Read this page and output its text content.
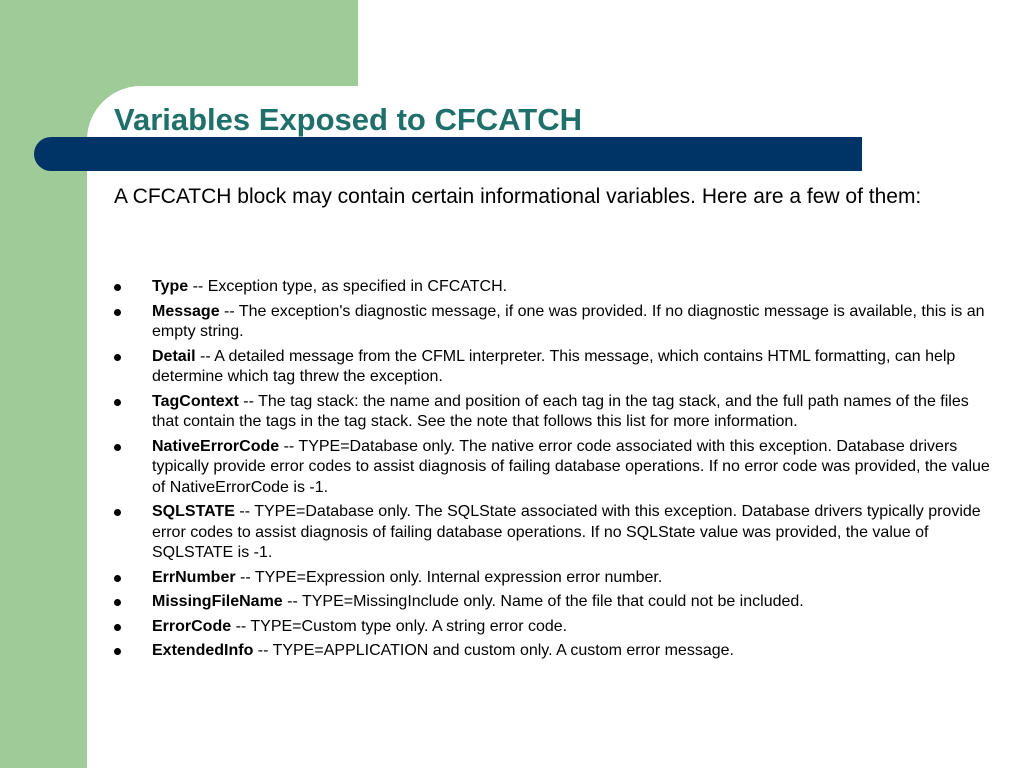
Variables Exposed to CFCATCH

A CFCATCH block may contain certain informational variables. Here are a few of them:

Type -- Exception type, as specified in CFCATCH.
Message -- The exception's diagnostic message, if one was provided. If no diagnostic message is available, this is an empty string.
Detail -- A detailed message from the CFML interpreter. This message, which contains HTML formatting, can help determine which tag threw the exception.
TagContext -- The tag stack: the name and position of each tag in the tag stack, and the full path names of the files that contain the tags in the tag stack. See the note that follows this list for more information.
NativeErrorCode -- TYPE=Database only. The native error code associated with this exception. Database drivers typically provide error codes to assist diagnosis of failing database operations. If no error code was provided, the value of NativeErrorCode is -1.
SQLSTATE -- TYPE=Database only. The SQLState associated with this exception. Database drivers typically provide error codes to assist diagnosis of failing database operations. If no SQLState value was provided, the value of SQLSTATE is -1.
ErrNumber -- TYPE=Expression only. Internal expression error number.
MissingFileName -- TYPE=MissingInclude only. Name of the file that could not be included.
ErrorCode -- TYPE=Custom type only. A string error code.
ExtendedInfo -- TYPE=APPLICATION and custom only. A custom error message.
